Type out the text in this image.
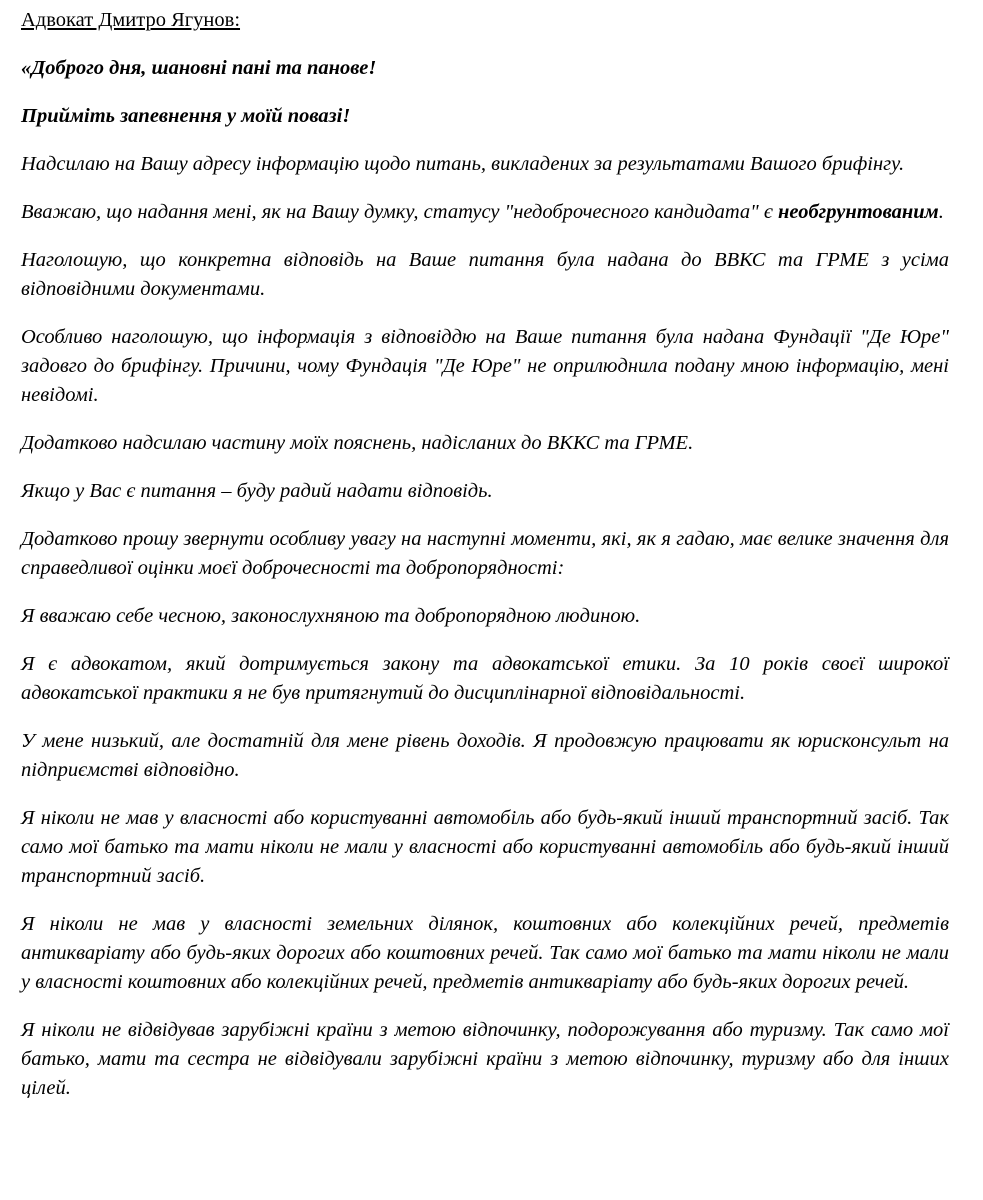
Адвокат Дмитро Ягунов:

«Доброго дня, шановні пані та панове!

Прийміть запевнення у моїй повазі!

Надсилаю на Вашу адресу інформацію щодо питань, викладених за результатами Вашого брифінгу.

Вважаю, що надання мені, як на Вашу думку, статусу "недоброчесного кандидата" є необгрунтованим.

Наголошую, що конкретна відповідь на Ваше питання була надана до ВВКС та ГРМЕ з усіма відповідними документами.

Особливо наголошую, що інформація з відповіддю на Ваше питання була надана Фундації "Де Юре" задовго до брифінгу. Причини, чому Фундація "Де Юре" не оприлюднила подану мною інформацію, мені невідомі.

Додатково надсилаю частину моїх пояснень, надісланих до ВККС та ГРМЕ.

Якщо у Вас є питання – буду радий надати відповідь.

Додатково прошу звернути особливу увагу на наступні моменти, які, як я гадаю, має велике значення для справедливої оцінки моєї доброчесності та добропорядності:

Я вважаю себе чесною, законослухняною та добропорядною людиною.

Я є адвокатом, який дотримується закону та адвокатської етики. За 10 років своєї широкої адвокатської практики я не був притягнутий до дисциплінарної відповідальності.

У мене низький, але достатній для мене рівень доходів. Я продовжую працювати як юрисконсульт на підприємстві відповідно.

Я ніколи не мав у власності або користуванні автомобіль або будь-який інший транспортний засіб. Так само мої батько та мати ніколи не мали у власності або користуванні автомобіль або будь-який інший транспортний засіб.

Я ніколи не мав у власності земельних ділянок, коштовних або колекційних речей, предметів антикваріату або будь-яких дорогих або коштовних речей. Так само мої батько та мати ніколи не мали у власності коштовних або колекційних речей, предметів антикваріату або будь-яких дорогих речей.

Я ніколи не відвідував зарубіжні країни з метою відпочинку, подорожування або туризму. Так само мої батько, мати та сестра не відвідували зарубіжні країни з метою відпочинку, туризму або для інших цілей.
